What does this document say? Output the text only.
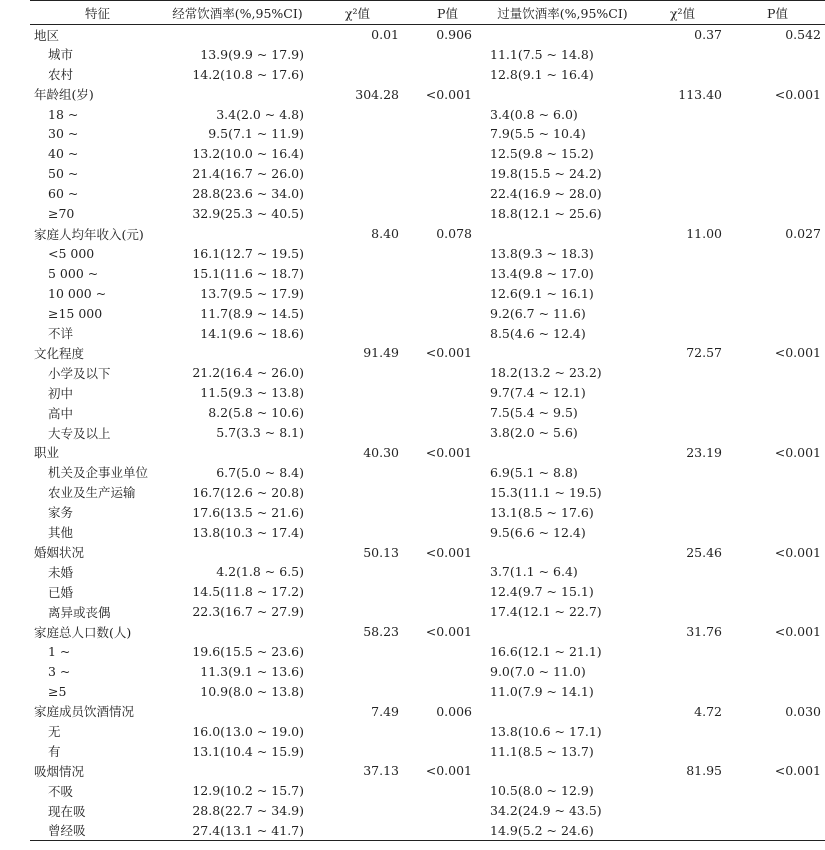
特征	经常饮酒率(%,95%CI)	χ²值	P值	过量饮酒率(%,95%CI)	χ²值	P值
地区		0.01	0.906		0.37	0.542
城市	13.9(9.9 ~ 17.9)			11.1(7.5 ~ 14.8)		
农村	14.2(10.8 ~ 17.6)			12.8(9.1 ~ 16.4)		
年龄组(岁)		304.28	<0.001		113.40	<0.001
18 ~	3.4(2.0 ~ 4.8)			3.4(0.8 ~ 6.0)		
30 ~	9.5(7.1 ~ 11.9)			7.9(5.5 ~ 10.4)		
40 ~	13.2(10.0 ~ 16.4)			12.5(9.8 ~ 15.2)		
50 ~	21.4(16.7 ~ 26.0)			19.8(15.5 ~ 24.2)		
60 ~	28.8(23.6 ~ 34.0)			22.4(16.9 ~ 28.0)		
≥70	32.9(25.3 ~ 40.5)			18.8(12.1 ~ 25.6)		
家庭人均年收入(元)		8.40	0.078		11.00	0.027
<5 000	16.1(12.7 ~ 19.5)			13.8(9.3 ~ 18.3)		
5 000 ~	15.1(11.6 ~ 18.7)			13.4(9.8 ~ 17.0)		
10 000 ~	13.7(9.5 ~ 17.9)			12.6(9.1 ~ 16.1)		
≥15 000	11.7(8.9 ~ 14.5)			9.2(6.7 ~ 11.6)		
不详	14.1(9.6 ~ 18.6)			8.5(4.6 ~ 12.4)		
文化程度		91.49	<0.001		72.57	<0.001
小学及以下	21.2(16.4 ~ 26.0)			18.2(13.2 ~ 23.2)		
初中	11.5(9.3 ~ 13.8)			9.7(7.4 ~ 12.1)		
高中	8.2(5.8 ~ 10.6)			7.5(5.4 ~ 9.5)		
大专及以上	5.7(3.3 ~ 8.1)			3.8(2.0 ~ 5.6)		
职业		40.30	<0.001		23.19	<0.001
机关及企事业单位	6.7(5.0 ~ 8.4)			6.9(5.1 ~ 8.8)		
农业及生产运输	16.7(12.6 ~ 20.8)			15.3(11.1 ~ 19.5)		
家务	17.6(13.5 ~ 21.6)			13.1(8.5 ~ 17.6)		
其他	13.8(10.3 ~ 17.4)			9.5(6.6 ~ 12.4)		
婚姻状况		50.13	<0.001		25.46	<0.001
未婚	4.2(1.8 ~ 6.5)			3.7(1.1 ~ 6.4)		
已婚	14.5(11.8 ~ 17.2)			12.4(9.7 ~ 15.1)		
离异或丧偶	22.3(16.7 ~ 27.9)			17.4(12.1 ~ 22.7)		
家庭总人口数(人)		58.23	<0.001		31.76	<0.001
1 ~	19.6(15.5 ~ 23.6)			16.6(12.1 ~ 21.1)		
3 ~	11.3(9.1 ~ 13.6)			9.0(7.0 ~ 11.0)		
≥5	10.9(8.0 ~ 13.8)			11.0(7.9 ~ 14.1)		
家庭成员饮酒情况		7.49	0.006		4.72	0.030
无	16.0(13.0 ~ 19.0)			13.8(10.6 ~ 17.1)		
有	13.1(10.4 ~ 15.9)			11.1(8.5 ~ 13.7)		
吸烟情况		37.13	<0.001		81.95	<0.001
不吸	12.9(10.2 ~ 15.7)			10.5(8.0 ~ 12.9)		
现在吸	28.8(22.7 ~ 34.9)			34.2(24.9 ~ 43.5)		
曾经吸	27.4(13.1 ~ 41.7)			14.9(5.2 ~ 24.6)		
